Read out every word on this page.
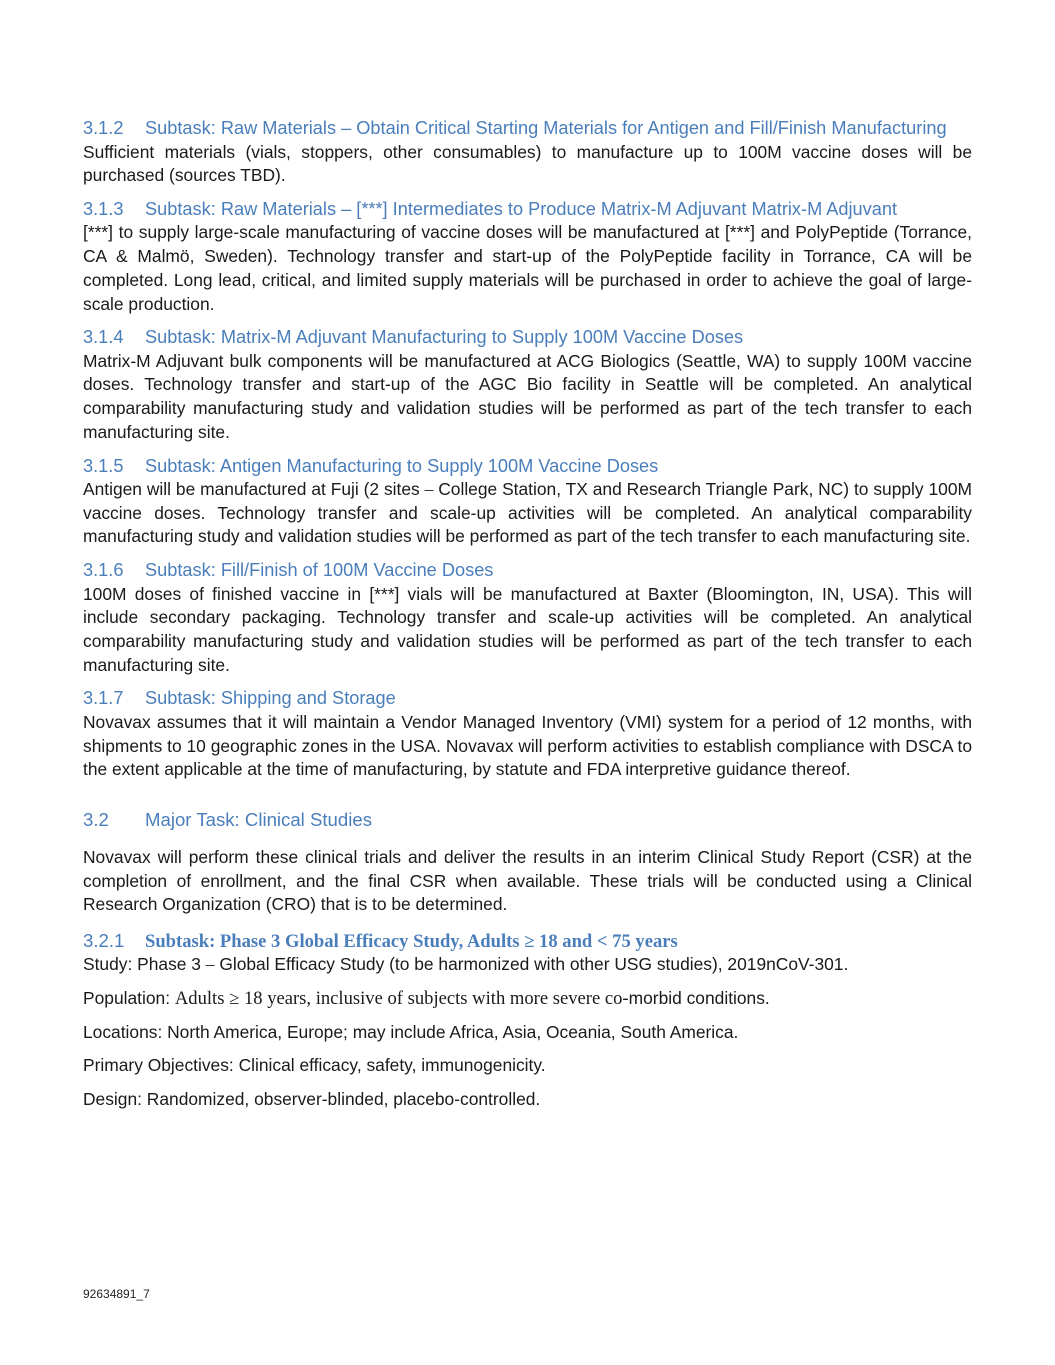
3.1.2 Subtask: Raw Materials – Obtain Critical Starting Materials for Antigen and Fill/Finish Manufacturing

Sufficient materials (vials, stoppers, other consumables) to manufacture up to 100M vaccine doses will be purchased (sources TBD).

3.1.3 Subtask: Raw Materials – [***] Intermediates to Produce Matrix-M Adjuvant Matrix-M Adjuvant

[***] to supply large-scale manufacturing of vaccine doses will be manufactured at [***] and PolyPeptide (Torrance, CA & Malmö, Sweden). Technology transfer and start-up of the PolyPeptide facility in Torrance, CA will be completed. Long lead, critical, and limited supply materials will be purchased in order to achieve the goal of large-scale production.

3.1.4 Subtask: Matrix-M Adjuvant Manufacturing to Supply 100M Vaccine Doses

Matrix-M Adjuvant bulk components will be manufactured at ACG Biologics (Seattle, WA) to supply 100M vaccine doses. Technology transfer and start-up of the AGC Bio facility in Seattle will be completed. An analytical comparability manufacturing study and validation studies will be performed as part of the tech transfer to each manufacturing site.

3.1.5 Subtask: Antigen Manufacturing to Supply 100M Vaccine Doses

Antigen will be manufactured at Fuji (2 sites – College Station, TX and Research Triangle Park, NC) to supply 100M vaccine doses. Technology transfer and scale-up activities will be completed. An analytical comparability manufacturing study and validation studies will be performed as part of the tech transfer to each manufacturing site.

3.1.6 Subtask: Fill/Finish of 100M Vaccine Doses

100M doses of finished vaccine in [***] vials will be manufactured at Baxter (Bloomington, IN, USA). This will include secondary packaging. Technology transfer and scale-up activities will be completed. An analytical comparability manufacturing study and validation studies will be performed as part of the tech transfer to each manufacturing site.

3.1.7 Subtask: Shipping and Storage

Novavax assumes that it will maintain a Vendor Managed Inventory (VMI) system for a period of 12 months, with shipments to 10 geographic zones in the USA. Novavax will perform activities to establish compliance with DSCA to the extent applicable at the time of manufacturing, by statute and FDA interpretive guidance thereof.

3.2 Major Task: Clinical Studies

Novavax will perform these clinical trials and deliver the results in an interim Clinical Study Report (CSR) at the completion of enrollment, and the final CSR when available. These trials will be conducted using a Clinical Research Organization (CRO) that is to be determined.

3.2.1 Subtask: Phase 3 Global Efficacy Study, Adults ≥ 18 and < 75 years

Study: Phase 3 – Global Efficacy Study (to be harmonized with other USG studies), 2019nCoV-301.

Population: Adults ≥ 18 years, inclusive of subjects with more severe co-morbid conditions.

Locations: North America, Europe; may include Africa, Asia, Oceania, South America.

Primary Objectives: Clinical efficacy, safety, immunogenicity.

Design: Randomized, observer-blinded, placebo-controlled.

92634891_7
